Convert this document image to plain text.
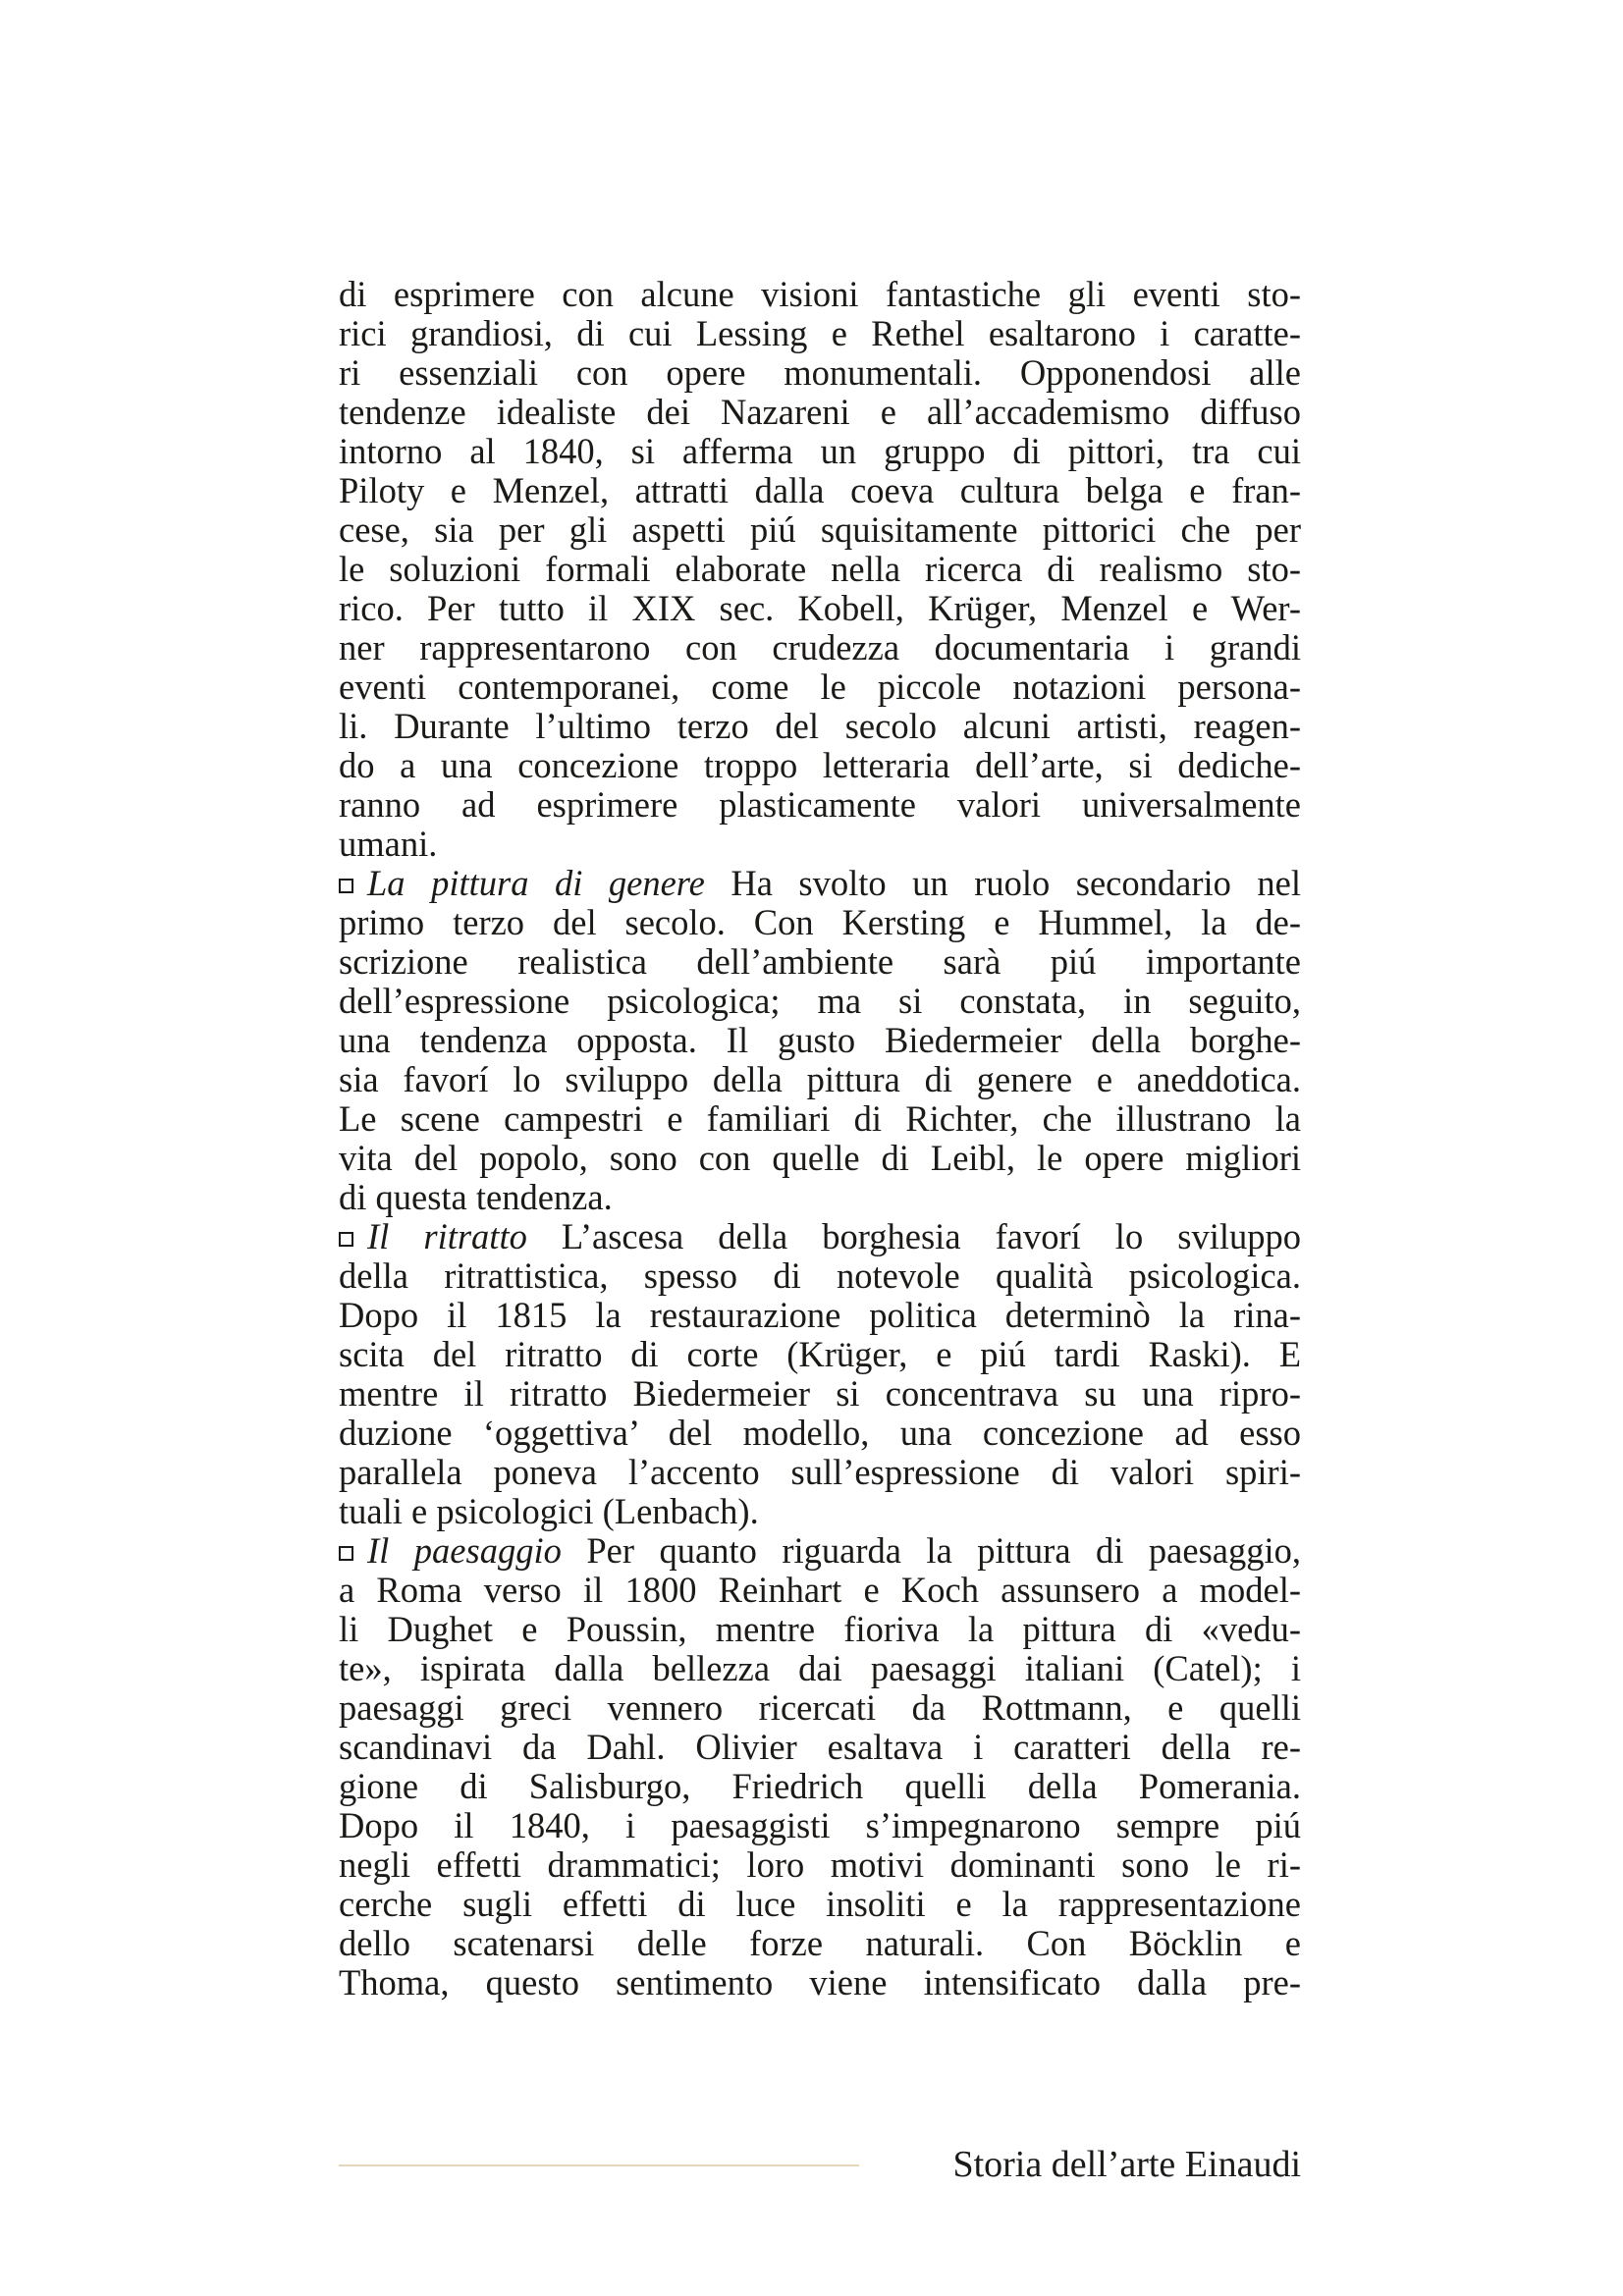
di esprimere con alcune visioni fantastiche gli eventi sto-
rici grandiosi, di cui Lessing e Rethel esaltarono i caratte-
ri essenziali con opere monumentali. Opponendosi alle
tendenze idealiste dei Nazareni e all’accademismo diffuso
intorno al 1840, si afferma un gruppo di pittori, tra cui
Piloty e Menzel, attratti dalla coeva cultura belga e fran-
cese, sia per gli aspetti piú squisitamente pittorici che per
le soluzioni formali elaborate nella ricerca di realismo sto-
rico. Per tutto il XIX sec. Kobell, Krüger, Menzel e Wer-
ner rappresentarono con crudezza documentaria i grandi
eventi contemporanei, come le piccole notazioni persona-
li. Durante l’ultimo terzo del secolo alcuni artisti, reagen-
do a una concezione troppo letteraria dell’arte, si dediche-
ranno ad esprimere plasticamente valori universalmente
umani.
La pittura di genere Ha svolto un ruolo secondario nel
primo terzo del secolo. Con Kersting e Hummel, la de-
scrizione realistica dell’ambiente sarà piú importante
dell’espressione psicologica; ma si constata, in seguito,
una tendenza opposta. Il gusto Biedermeier della borghe-
sia favorí lo sviluppo della pittura di genere e aneddotica.
Le scene campestri e familiari di Richter, che illustrano la
vita del popolo, sono con quelle di Leibl, le opere migliori
di questa tendenza.
Il ritratto L’ascesa della borghesia favorí lo sviluppo
della ritrattistica, spesso di notevole qualità psicologica.
Dopo il 1815 la restaurazione politica determinò la rina-
scita del ritratto di corte (Krüger, e piú tardi Raski). E
mentre il ritratto Biedermeier si concentrava su una ripro-
duzione ‘oggettiva’ del modello, una concezione ad esso
parallela poneva l’accento sull’espressione di valori spiri-
tuali e psicologici (Lenbach).
Il paesaggio Per quanto riguarda la pittura di paesaggio,
a Roma verso il 1800 Reinhart e Koch assunsero a model-
li Dughet e Poussin, mentre fioriva la pittura di «vedu-
te», ispirata dalla bellezza dai paesaggi italiani (Catel); i
paesaggi greci vennero ricercati da Rottmann, e quelli
scandinavi da Dahl. Olivier esaltava i caratteri della re-
gione di Salisburgo, Friedrich quelli della Pomerania.
Dopo il 1840, i paesaggisti s’impegnarono sempre piú
negli effetti drammatici; loro motivi dominanti sono le ri-
cerche sugli effetti di luce insoliti e la rappresentazione
dello scatenarsi delle forze naturali. Con Böcklin e
Thoma, questo sentimento viene intensificato dalla pre-
Storia dell’arte Einaudi
